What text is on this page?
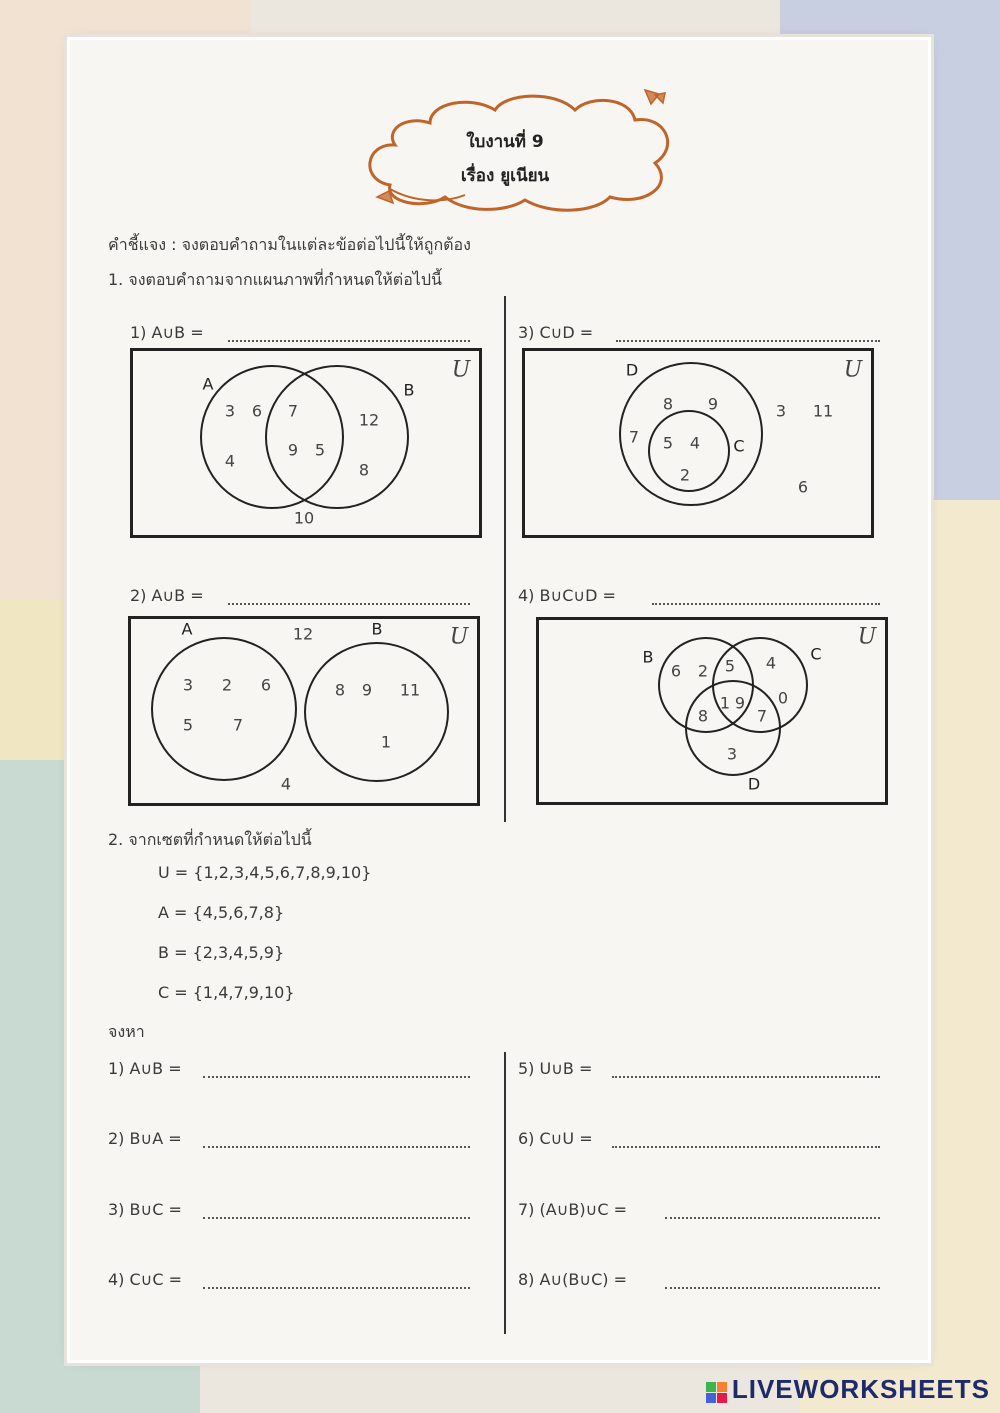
ใบงานที่ 9
เรื่อง ยูเนียน
คำชี้แจง : จงตอบคำถามในแต่ละข้อต่อไปนี้ให้ถูกต้อง
1. จงตอบคำถามจากแผนภาพที่กำหนดให้ต่อไปนี้
1) A∪B =
U
A	B
3 6
4
7
9 5
12
8
10
3) C∪D =
U
D
C
8 9
7 5 4
2
3 11
6
2) A∪B =
U
A	B
3 2 6
5 7
8 9 11
1
12
4
4) B∪C∪D =
U
B	C
D
6 2 5 4
0
8
1 9
7
3
2. จากเซตที่กำหนดให้ต่อไปนี้
U = {1,2,3,4,5,6,7,8,9,10}
A = {4,5,6,7,8}
B = {2,3,4,5,9}
C = {1,4,7,9,10}
จงหา
1) A∪B =
2) B∪A =
3) B∪C =
4) C∪C =
5) U∪B =
6) C∪U =
7) (A∪B)∪C =
8) A∪(B∪C) =
LIVEWORKSHEETS
